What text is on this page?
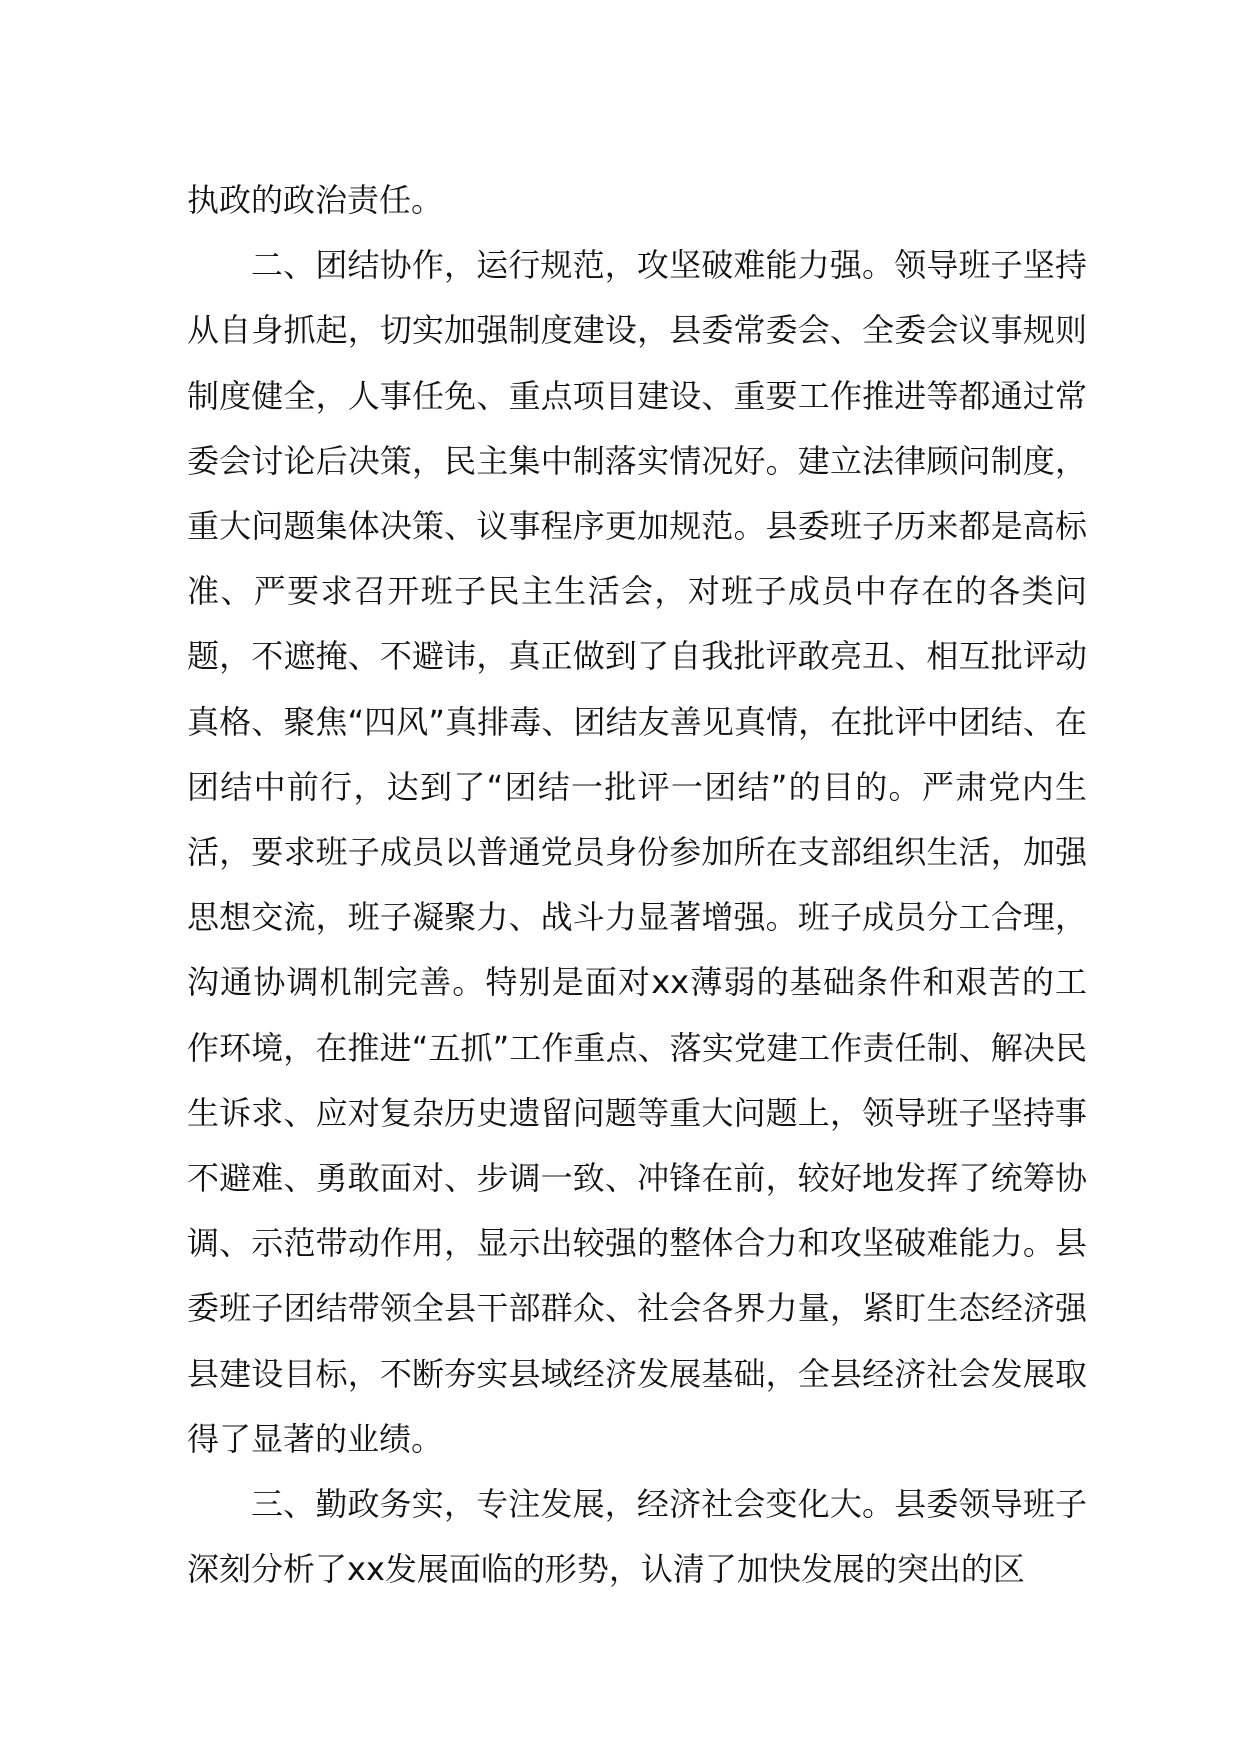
执政的政治责任。

二、团结协作，运行规范，攻坚破难能力强。领导班子坚持从自身抓起，切实加强制度建设，县委常委会、全委会议事规则制度健全，人事任免、重点项目建设、重要工作推进等都通过常委会讨论后决策，民主集中制落实情况好。建立法律顾问制度，重大问题集体决策、议事程序更加规范。县委班子历来都是高标准、严要求召开班子民主生活会，对班子成员中存在的各类问题，不遮掩、不避讳，真正做到了自我批评敢亮丑、相互批评动真格、聚焦“四风”真排毒、团结友善见真情，在批评中团结、在团结中前行，达到了“团结一批评一团结”的目的。严肃党内生活，要求班子成员以普通党员身份参加所在支部组织生活，加强思想交流，班子凝聚力、战斗力显著增强。班子成员分工合理，沟通协调机制完善。特别是面对xx薄弱的基础条件和艰苦的工作环境，在推进“五抓”工作重点、落实党建工作责任制、解决民生诉求、应对复杂历史遗留问题等重大问题上，领导班子坚持事不避难、勇敢面对、步调一致、冲锋在前，较好地发挥了统筹协调、示范带动作用，显示出较强的整体合力和攻坚破难能力。县委班子团结带领全县干部群众、社会各界力量，紧盯生态经济强县建设目标，不断夯实县域经济发展基础，全县经济社会发展取得了显著的业绩。

三、勤政务实，专注发展，经济社会变化大。县委领导班子深刻分析了xx发展面临的形势，认清了加快发展的突出的区
